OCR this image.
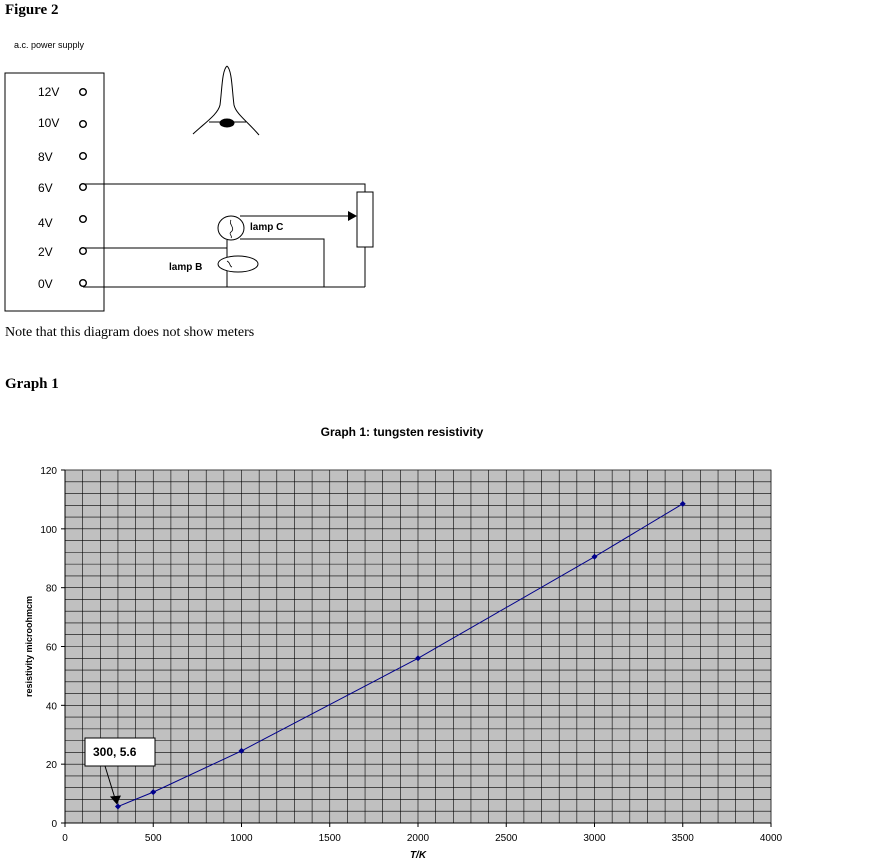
Figure 2
Note that this diagram does not show meters
Graph 1
a.c. power supply
12V
10V
8V
6V
4V
2V
0V
lamp C
lamp B
Graph 1: tungsten resistivity
0	500	1000	1500	2000	2500	3000	3500	4000
0
20
40
60
80
100
120
300, 5.6
T/K
resistivity microohmcm
